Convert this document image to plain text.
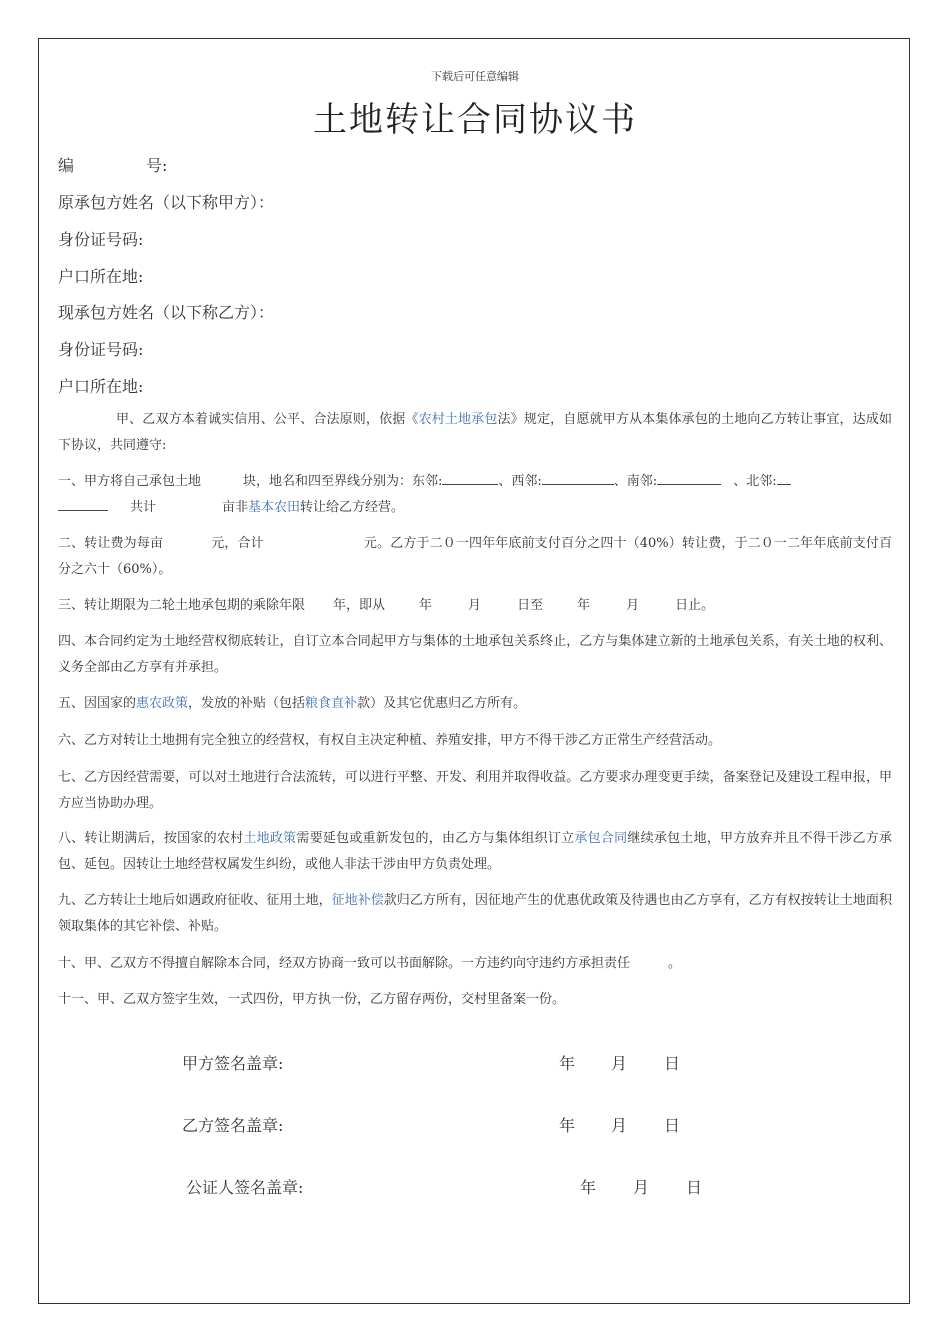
下载后可任意编辑
土地转让合同协议书
编	号:
原承包方姓名（以下称甲方）：
身份证号码:
户口所在地:
现承包方姓名（以下称乙方）：
身份证号码:
户口所在地:
甲、乙双方本着诚实信用、公平、合法原则，依据《农村土地承包法》规定，自愿就甲方从本集体承包的土地向乙方转让事宜，达成如下协议，共同遵守:
一、甲方将自己承包土地	块，地名和四至界线分别为：东邻:	、西邻:	、南邻:	、北邻:
共计	亩非基本农田转让给乙方经营。
二、转让费为每亩	元，合计	元。乙方于二０一四年年底前支付百分之四十（40%）转让费，于二０一二年年底前支付百分之六十（60%）。
三、转让期限为二轮土地承包期的乘除年限 年，即从	年	月	日至	年	月	日止。
四、本合同约定为土地经营权彻底转让，自订立本合同起甲方与集体的土地承包关系终止，乙方与集体建立新的土地承包关系，有关土地的权利、义务全部由乙方享有并承担。
五、因国家的惠农政策，发放的补贴（包括粮食直补款）及其它优惠归乙方所有。
六、乙方对转让土地拥有完全独立的经营权，有权自主决定种植、养殖安排，甲方不得干涉乙方正常生产经营活动。
七、乙方因经营需要，可以对土地进行合法流转，可以进行平整、开发、利用并取得收益。乙方要求办理变更手续，备案登记及建设工程申报，甲方应当协助办理。
八、转让期满后，按国家的农村土地政策需要延包或重新发包的，由乙方与集体组织订立承包合同继续承包土地，甲方放弃并且不得干涉乙方承包、延包。因转让土地经营权属发生纠纷，或他人非法干涉由甲方负责处理。
九、乙方转让土地后如遇政府征收、征用土地，征地补偿款归乙方所有，因征地产生的优惠优政策及待遇也由乙方享有，乙方有权按转让土地面积领取集体的其它补偿、补贴。
十、甲、乙双方不得擅自解除本合同，经双方协商一致可以书面解除。一方违约向守违约方承担责任	。
十一、甲、乙双方签字生效，一式四份，甲方执一份，乙方留存两份，交村里备案一份。
甲方签名盖章:	年 月 日
乙方签名盖章:	年 月 日
公证人签名盖章:	年 月 日
